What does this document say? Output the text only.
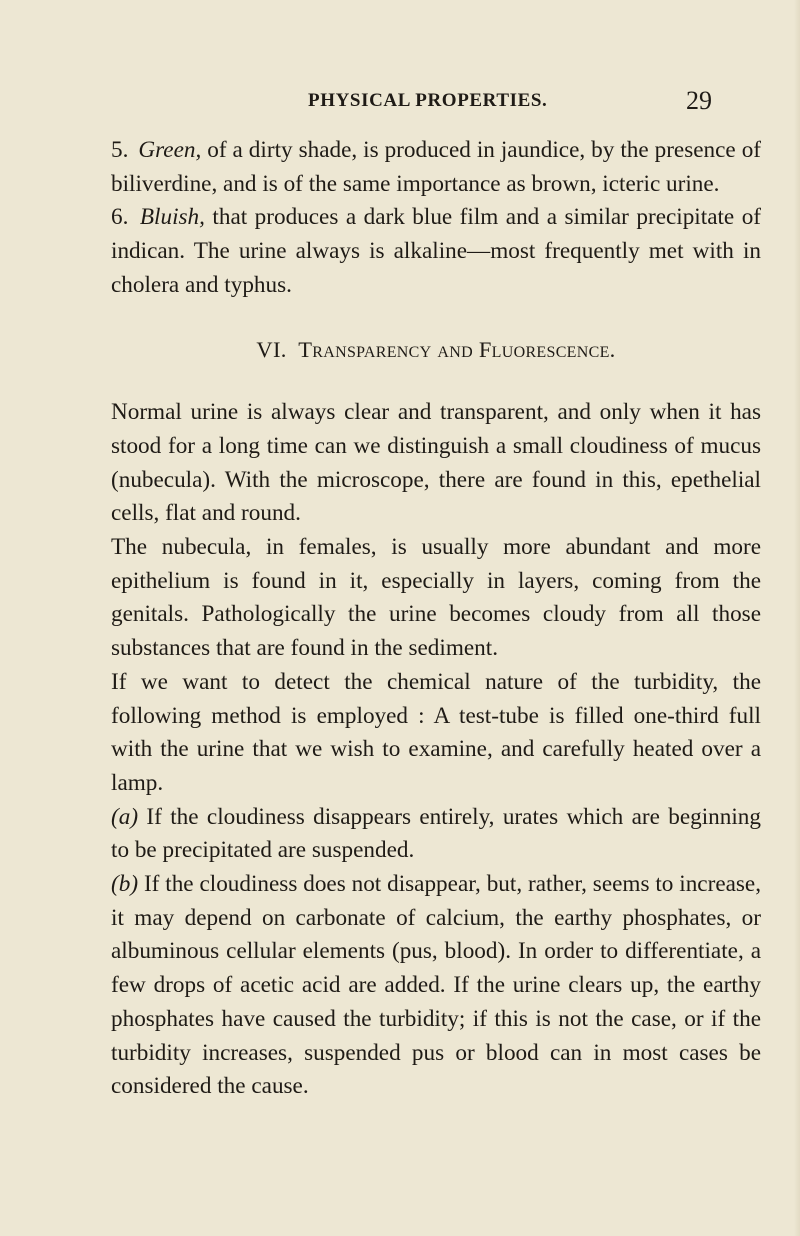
PHYSICAL PROPERTIES.	29

5. Green, of a dirty shade, is produced in jaundice, by the presence of biliverdine, and is of the same importance as brown, icteric urine.

6. Bluish, that produces a dark blue film and a similar precipitate of indican. The urine always is alkaline—most frequently met with in cholera and typhus.

VI. Transparency and Fluorescence.

Normal urine is always clear and transparent, and only when it has stood for a long time can we distinguish a small cloudiness of mucus (nubecula). With the microscope, there are found in this, epethelial cells, flat and round.

The nubecula, in females, is usually more abundant and more epithelium is found in it, especially in layers, coming from the genitals. Pathologically the urine becomes cloudy from all those substances that are found in the sediment.

If we want to detect the chemical nature of the turbidity, the following method is employed : A test-tube is filled one-third full with the urine that we wish to examine, and carefully heated over a lamp.

(a) If the cloudiness disappears entirely, urates which are beginning to be precipitated are suspended.

(b) If the cloudiness does not disappear, but, rather, seems to increase, it may depend on carbonate of calcium, the earthy phosphates, or albuminous cellular elements (pus, blood). In order to differentiate, a few drops of acetic acid are added. If the urine clears up, the earthy phosphates have caused the turbidity; if this is not the case, or if the turbidity increases, suspended pus or blood can in most cases be considered the cause.
